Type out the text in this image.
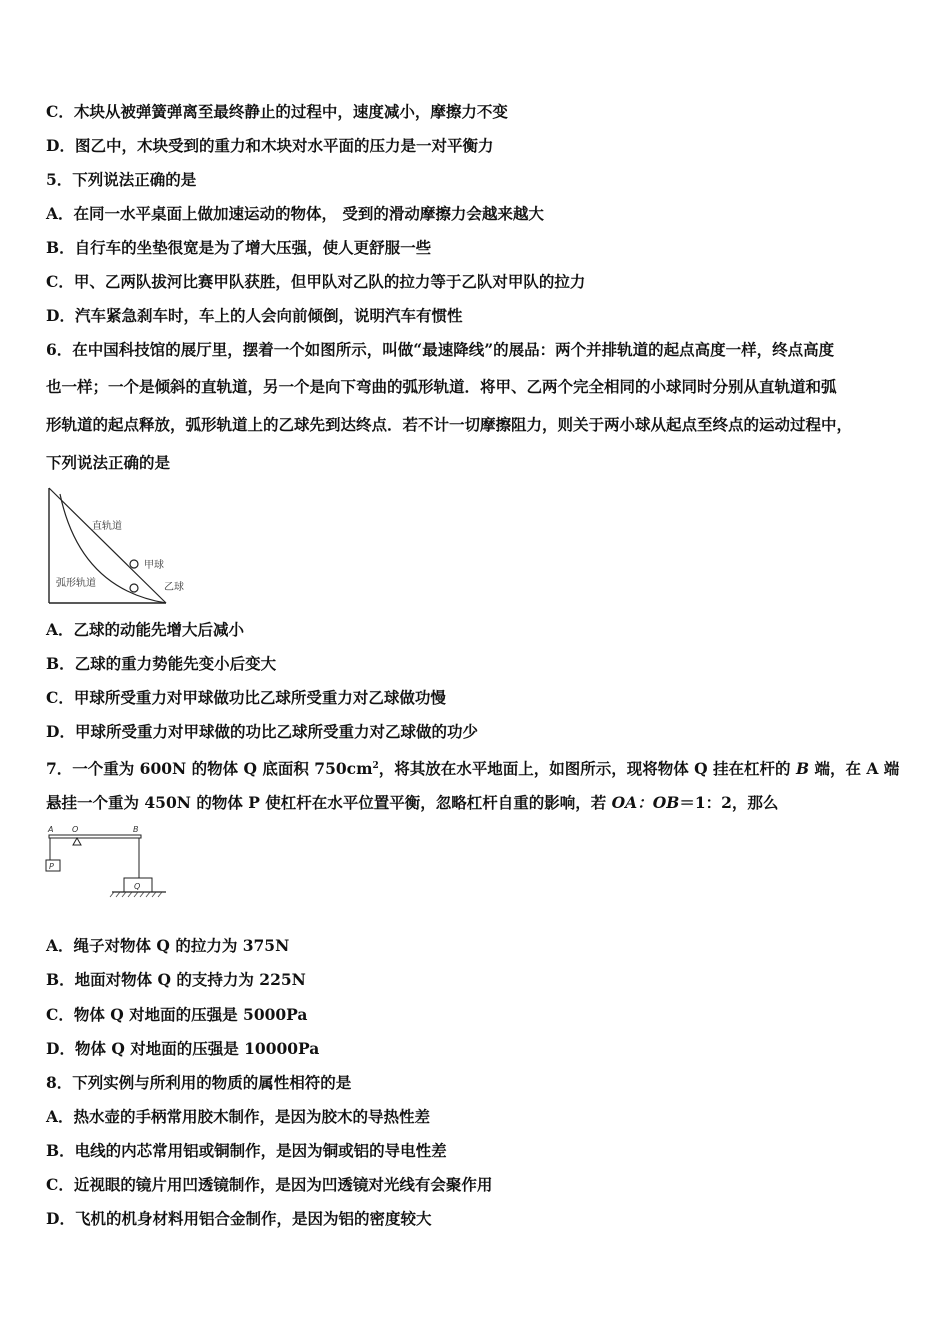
C．木块从被弹簧弹离至最终静止的过程中，速度减小，摩擦力不变
D．图乙中，木块受到的重力和木块对水平面的压力是一对平衡力
5．下列说法正确的是
A．在同一水平桌面上做加速运动的物体， 受到的滑动摩擦力会越来越大
B．自行车的坐垫很宽是为了增大压强，使人更舒服一些
C．甲、乙两队拔河比赛甲队获胜，但甲队对乙队的拉力等于乙队对甲队的拉力
D．汽车紧急刹车时，车上的人会向前倾倒，说明汽车有惯性
6．在中国科技馆的展厅里，摆着一个如图所示，叫做“最速降线”的展品：两个并排轨道的起点高度一样，终点高度
也一样；一个是倾斜的直轨道，另一个是向下弯曲的弧形轨道．将甲、乙两个完全相同的小球同时分别从直轨道和弧
形轨道的起点释放，弧形轨道上的乙球先到达终点．若不计一切摩擦阻力，则关于两小球从起点至终点的运动过程中，
下列说法正确的是
直轨道
甲球
弧形轨道	乙球
A．乙球的动能先增大后减小
B．乙球的重力势能先变小后变大
C．甲球所受重力对甲球做功比乙球所受重力对乙球做功慢
D．甲球所受重力对甲球做的功比乙球所受重力对乙球做的功少
7．一个重为 600N 的物体 Q 底面积 $750cm^2$，将其放在水平地面上，如图所示，现将物体 Q 挂在杠杆的 B 端，在 A 端
悬挂一个重为 450N 的物体 P 使杠杆在水平位置平衡，忽略杠杆自重的影响，若 OA：OB＝1：2，那么
A O	B
P
Q
A．绳子对物体 Q 的拉力为 375N
B．地面对物体 Q 的支持力为 225N
C．物体 Q 对地面的压强是 5000Pa
D．物体 Q 对地面的压强是 10000Pa
8．下列实例与所利用的物质的属性相符的是
A．热水壶的手柄常用胶木制作，是因为胶木的导热性差
B．电线的内芯常用铝或铜制作，是因为铜或铝的导电性差
C．近视眼的镜片用凹透镜制作，是因为凹透镜对光线有会聚作用
D．飞机的机身材料用铝合金制作，是因为铝的密度较大
